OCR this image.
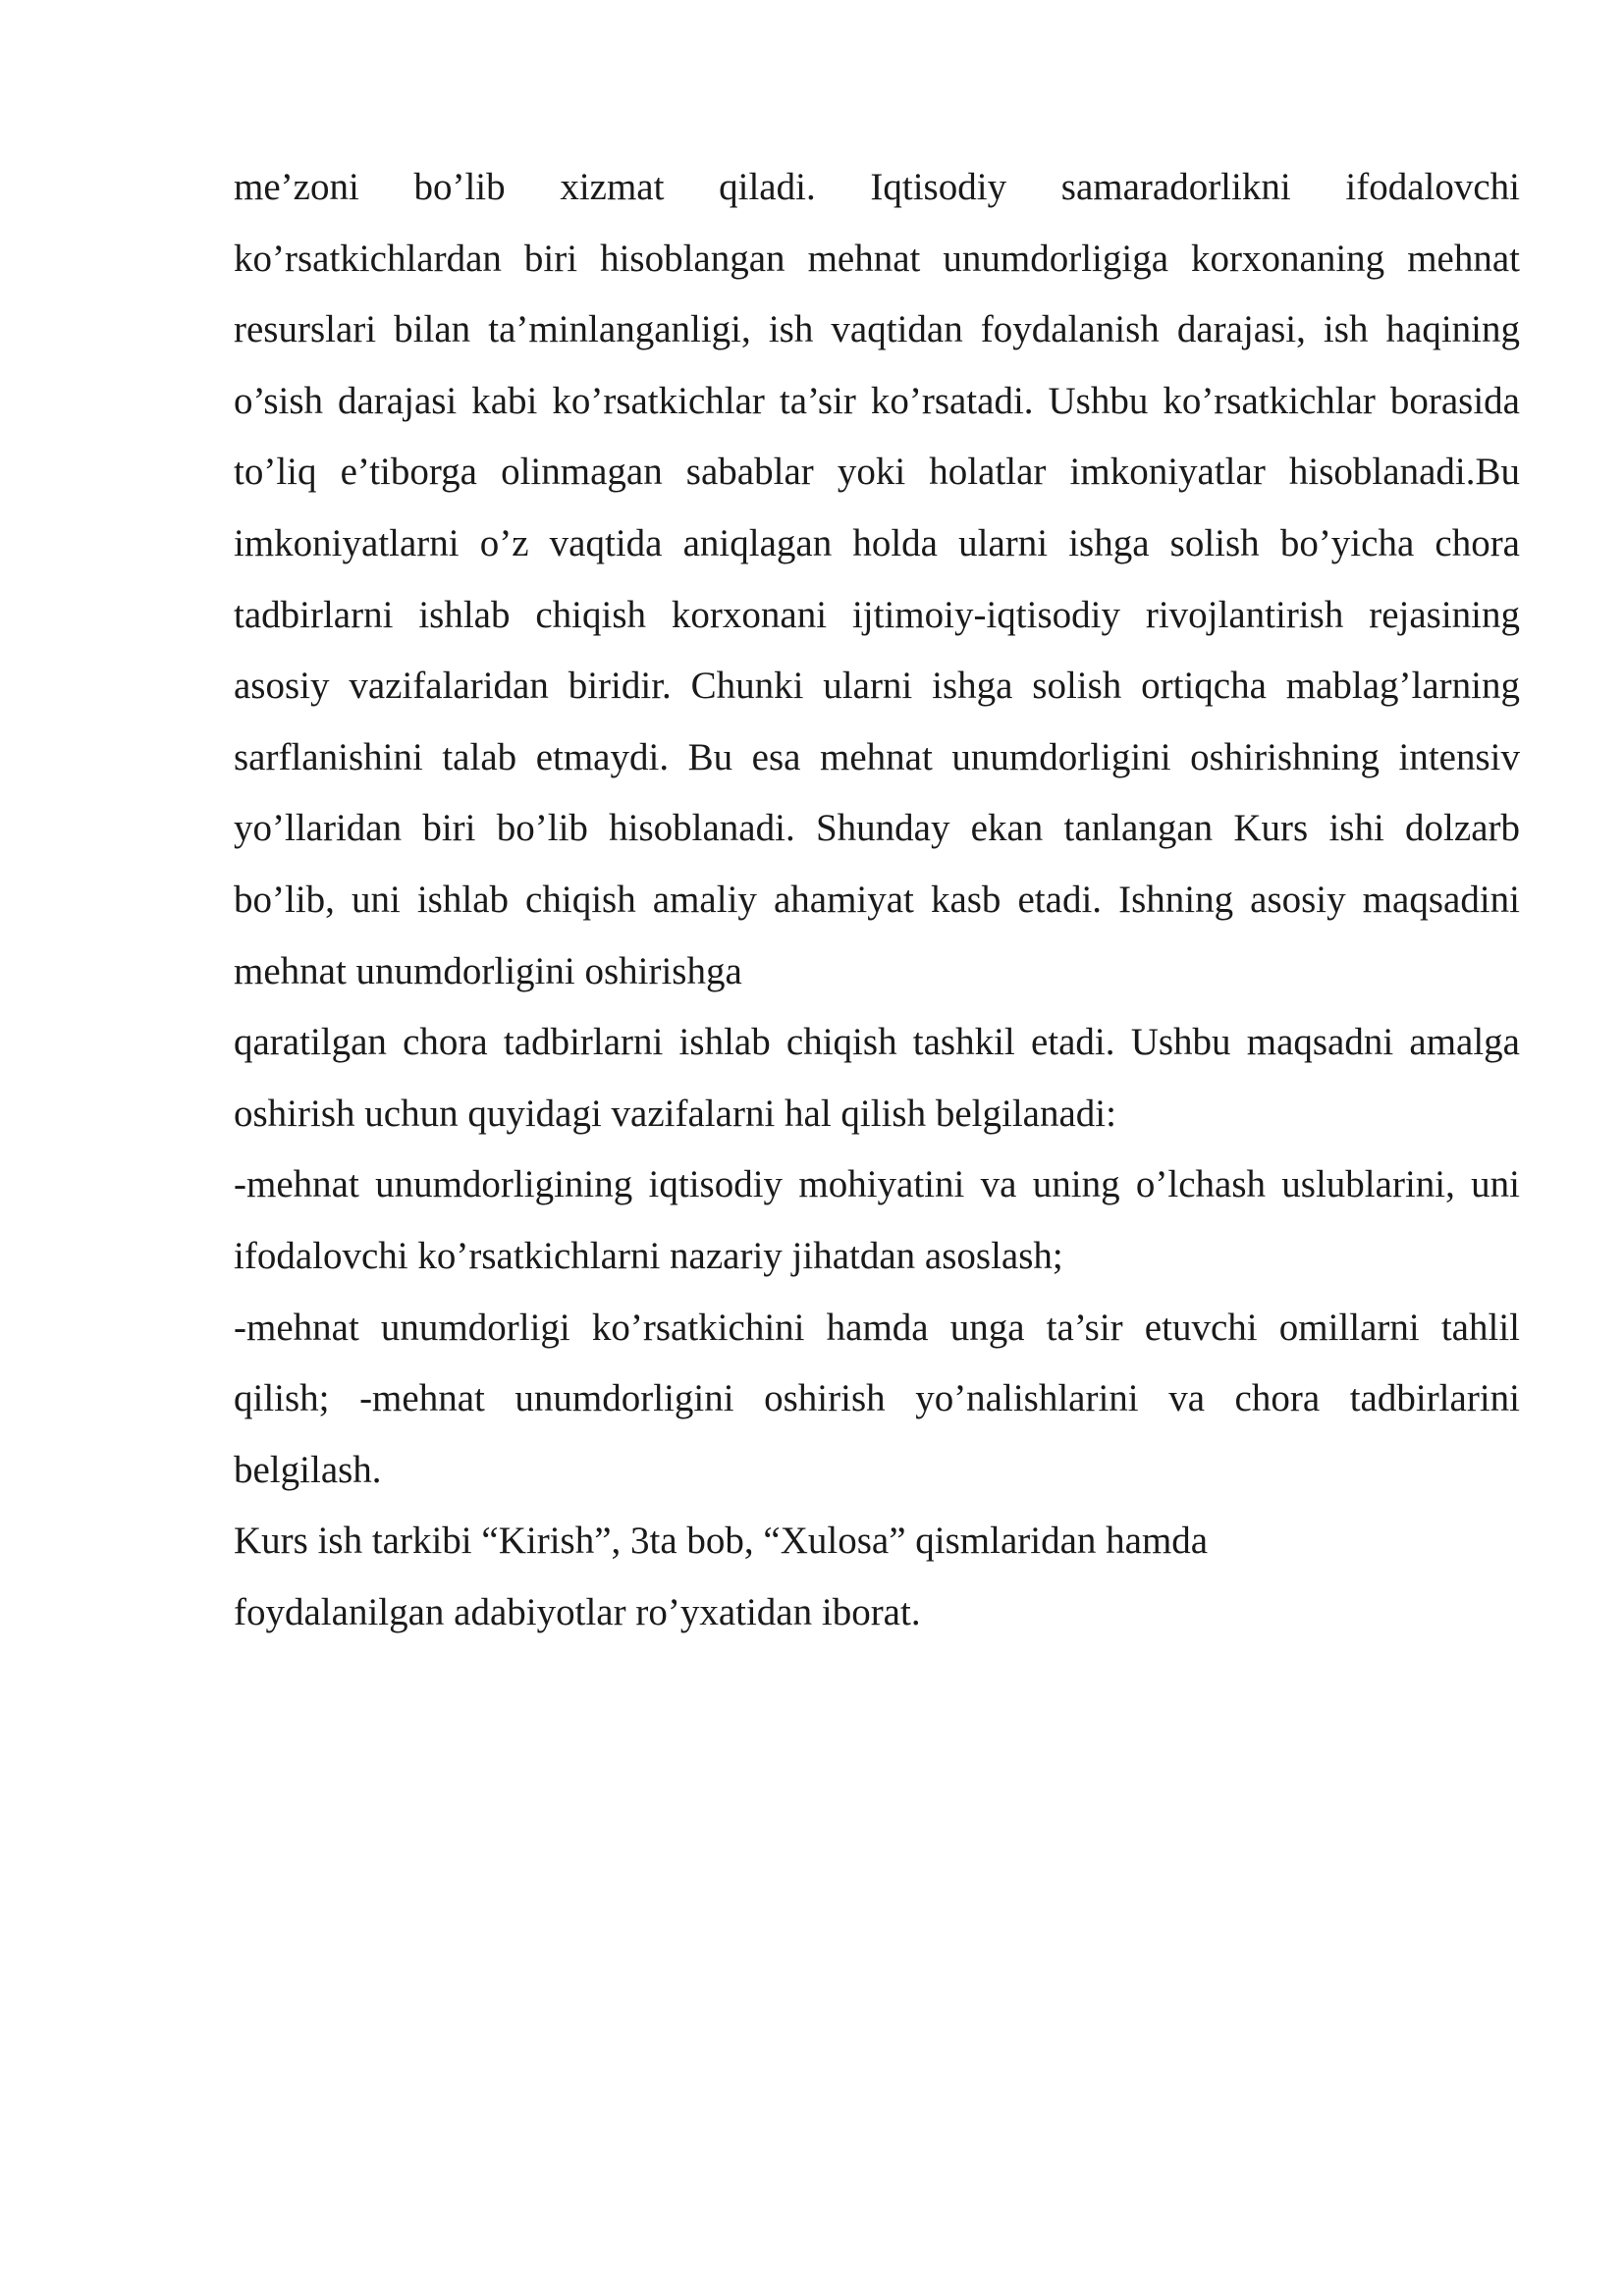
me’zoni bo’lib xizmat qiladi. Iqtisodiy samaradorlikni ifodalovchi ko’rsatkichlardan biri hisoblangan mehnat unumdorligiga korxonaning mehnat resurslari bilan ta’minlanganligi, ish vaqtidan foydalanish darajasi, ish haqining o’sish darajasi kabi ko’rsatkichlar ta’sir ko’rsatadi. Ushbu ko’rsatkichlar borasida to’liq e’tiborga olinmagan sabablar yoki holatlar imkoniyatlar hisoblanadi.Bu imkoniyatlarni o’z vaqtida aniqlagan holda ularni ishga solish bo’yicha chora tadbirlarni ishlab chiqish korxonani ijtimoiy-iqtisodiy rivojlantirish rejasining asosiy vazifalaridan biridir. Chunki ularni ishga solish ortiqcha mablag’larning sarflanishini talab etmaydi. Bu esa mehnat unumdorligini oshirishning intensiv yo’llaridan biri bo’lib hisoblanadi. Shunday ekan tanlangan Kurs ishi dolzarb bo’lib, uni ishlab chiqish amaliy ahamiyat kasb etadi. Ishning asosiy maqsadini mehnat unumdorligini oshirishga

qaratilgan chora tadbirlarni ishlab chiqish tashkil etadi. Ushbu maqsadni amalga oshirish uchun quyidagi vazifalarni hal qilish belgilanadi:

-mehnat unumdorligining iqtisodiy mohiyatini va uning o’lchash uslublarini, uni ifodalovchi ko’rsatkichlarni nazariy jihatdan asoslash;

-mehnat unumdorligi ko’rsatkichini hamda unga ta’sir etuvchi omillarni tahlil qilish; -mehnat unumdorligini oshirish yo’nalishlarini va chora tadbirlarini belgilash.

Kurs ish tarkibi “Kirish”, 3ta bob, “Xulosa” qismlaridan hamda

foydalanilgan adabiyotlar ro’yxatidan iborat.
